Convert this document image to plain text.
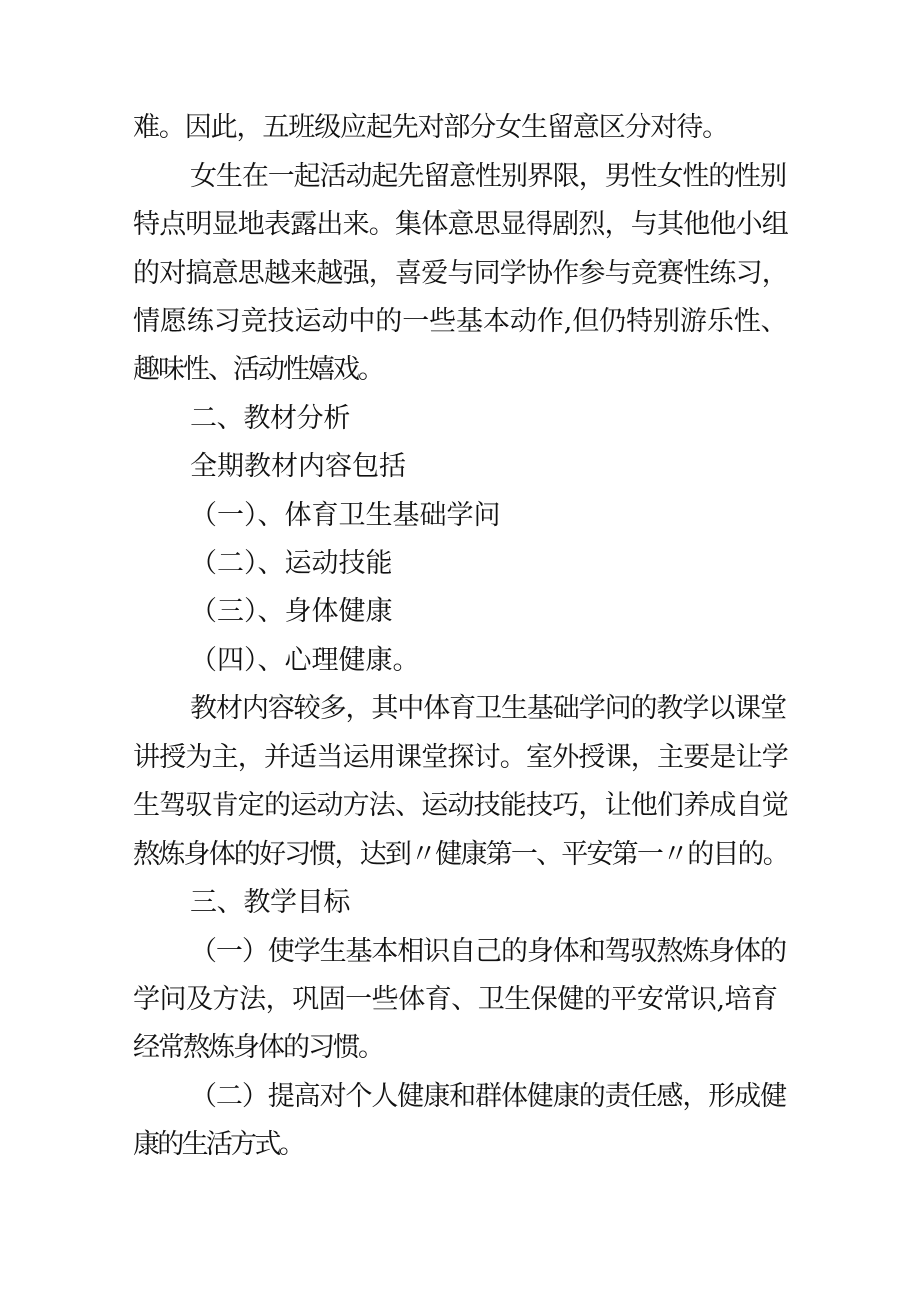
难。因此，五班级应起先对部分女生留意区分对待。
女生在一起活动起先留意性别界限，男性女性的性别
特点明显地表露出来。集体意思显得剧烈，与其他他小组
的对搞意思越来越强，喜爱与同学协作参与竞赛性练习，
情愿练习竞技运动中的一些基本动作,但仍特别游乐性、
趣味性、活动性嬉戏。
二、教材分析
全期教材内容包括
（一）、体育卫生基础学问
（二）、运动技能
（三）、身体健康
（四）、心理健康。
教材内容较多，其中体育卫生基础学问的教学以课堂
讲授为主，并适当运用课堂探讨。室外授课，主要是让学
生驾驭肯定的运动方法、运动技能技巧，让他们养成自觉
熬炼身体的好习惯，达到〃健康第一、平安第一〃的目的。
三、教学目标
（一）使学生基本相识自己的身体和驾驭熬炼身体的
学问及方法，巩固一些体育、卫生保健的平安常识,培育
经常熬炼身体的习惯。
（二）提高对个人健康和群体健康的责任感，形成健
康的生活方式。
